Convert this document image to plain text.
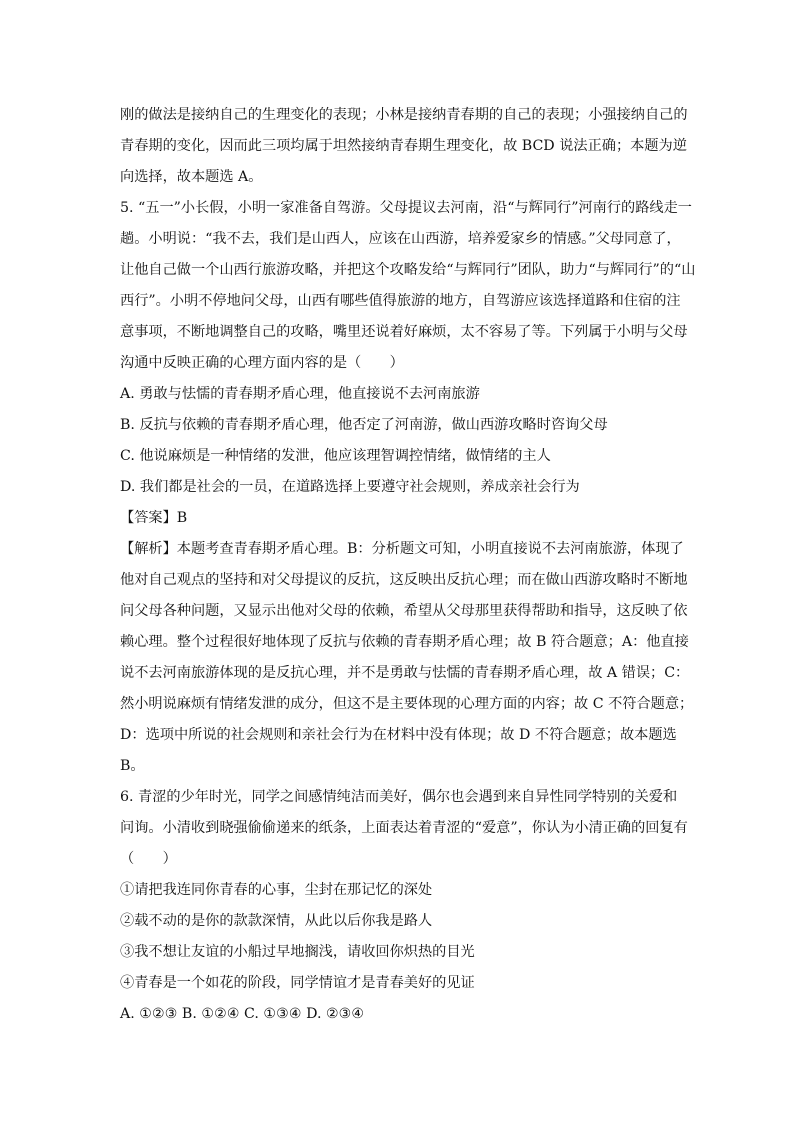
刚的做法是接纳自己的生理变化的表现；小林是接纳青春期的自己的表现；小强接纳自己的
青春期的变化，因而此三项均属于坦然接纳青春期生理变化，故 BCD 说法正确；本题为逆
向选择，故本题选 A。
5. “五一”小长假，小明一家准备自驾游。父母提议去河南，沿“与辉同行”河南行的路线走一
趟。小明说：“我不去，我们是山西人，应该在山西游，培养爱家乡的情感。”父母同意了，
让他自己做一个山西行旅游攻略，并把这个攻略发给“与辉同行”团队，助力“与辉同行”的“山
西行”。小明不停地问父母，山西有哪些值得旅游的地方，自驾游应该选择道路和住宿的注
意事项，不断地调整自己的攻略，嘴里还说着好麻烦，太不容易了等。下列属于小明与父母
沟通中反映正确的心理方面内容的是（　　）
A. 勇敢与怯懦的青春期矛盾心理，他直接说不去河南旅游
B. 反抗与依赖的青春期矛盾心理，他否定了河南游，做山西游攻略时咨询父母
C. 他说麻烦是一种情绪的发泄，他应该理智调控情绪，做情绪的主人
D. 我们都是社会的一员，在道路选择上要遵守社会规则，养成亲社会行为
【答案】B
【解析】本题考查青春期矛盾心理。B：分析题文可知，小明直接说不去河南旅游，体现了
他对自己观点的坚持和对父母提议的反抗，这反映出反抗心理；而在做山西游攻略时不断地
问父母各种问题，又显示出他对父母的依赖，希望从父母那里获得帮助和指导，这反映了依
赖心理。整个过程很好地体现了反抗与依赖的青春期矛盾心理；故 B 符合题意；A：他直接
说不去河南旅游体现的是反抗心理，并不是勇敢与怯懦的青春期矛盾心理，故 A 错误；C：
然小明说麻烦有情绪发泄的成分，但这不是主要体现的心理方面的内容；故 C 不符合题意；
D：选项中所说的社会规则和亲社会行为在材料中没有体现；故 D 不符合题意；故本题选
B。
6. 青涩的少年时光，同学之间感情纯洁而美好，偶尔也会遇到来自异性同学特别的关爱和
问询。小清收到晓强偷偷递来的纸条，上面表达着青涩的“爱意”，你认为小清正确的回复有
（　　）
①请把我连同你青春的心事，尘封在那记忆的深处
②载不动的是你的款款深情，从此以后你我是路人
③我不想让友谊的小船过早地搁浅，请收回你炽热的目光
④青春是一个如花的阶段，同学情谊才是青春美好的见证
A. ①②③ B. ①②④ C. ①③④ D. ②③④
